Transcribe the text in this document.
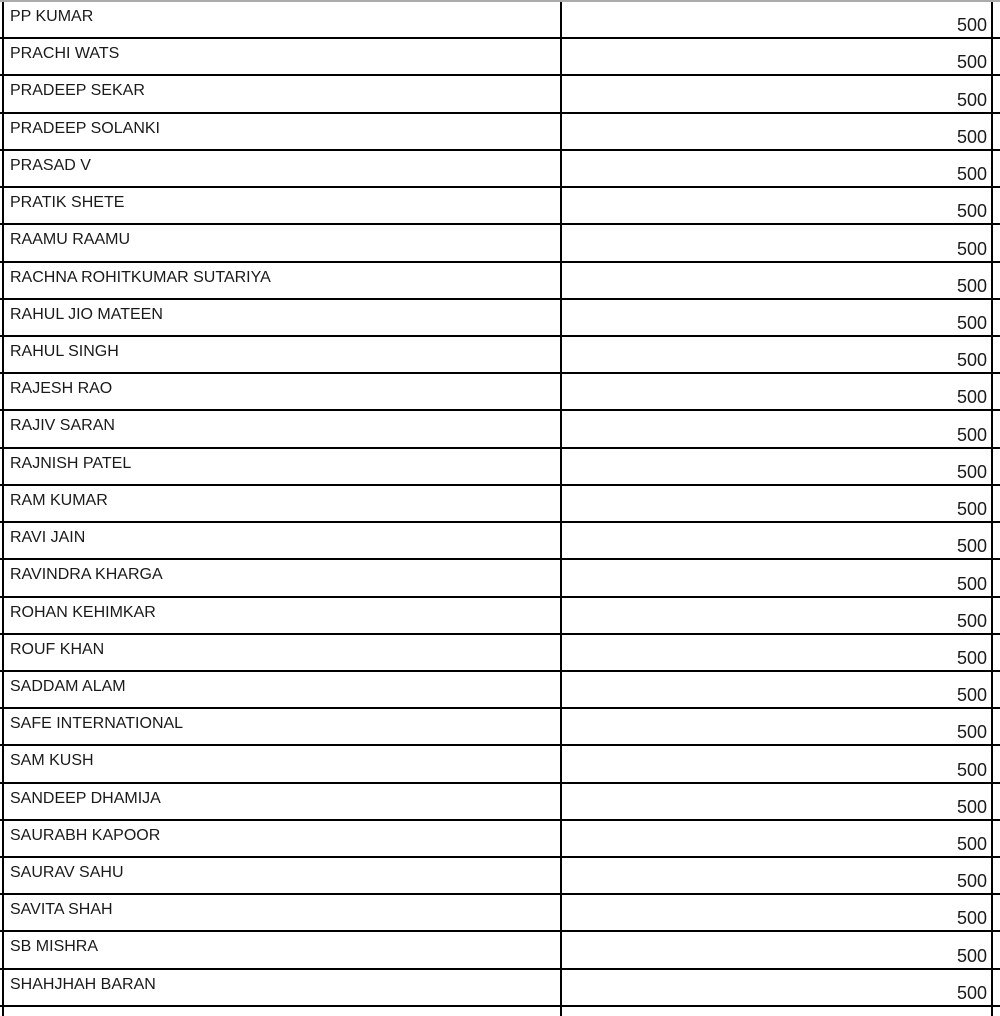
PP KUMAR	500
PRACHI WATS	500
PRADEEP SEKAR	500
PRADEEP SOLANKI	500
PRASAD V	500
PRATIK SHETE	500
RAAMU RAAMU	500
RACHNA ROHITKUMAR SUTARIYA	500
RAHUL JIO MATEEN	500
RAHUL SINGH	500
RAJESH RAO	500
RAJIV SARAN	500
RAJNISH PATEL	500
RAM KUMAR	500
RAVI JAIN	500
RAVINDRA KHARGA	500
ROHAN KEHIMKAR	500
ROUF KHAN	500
SADDAM ALAM	500
SAFE INTERNATIONAL	500
SAM KUSH	500
SANDEEP DHAMIJA	500
SAURABH KAPOOR	500
SAURAV SAHU	500
SAVITA SHAH	500
SB MISHRA	500
SHAHJHAH BARAN	500
